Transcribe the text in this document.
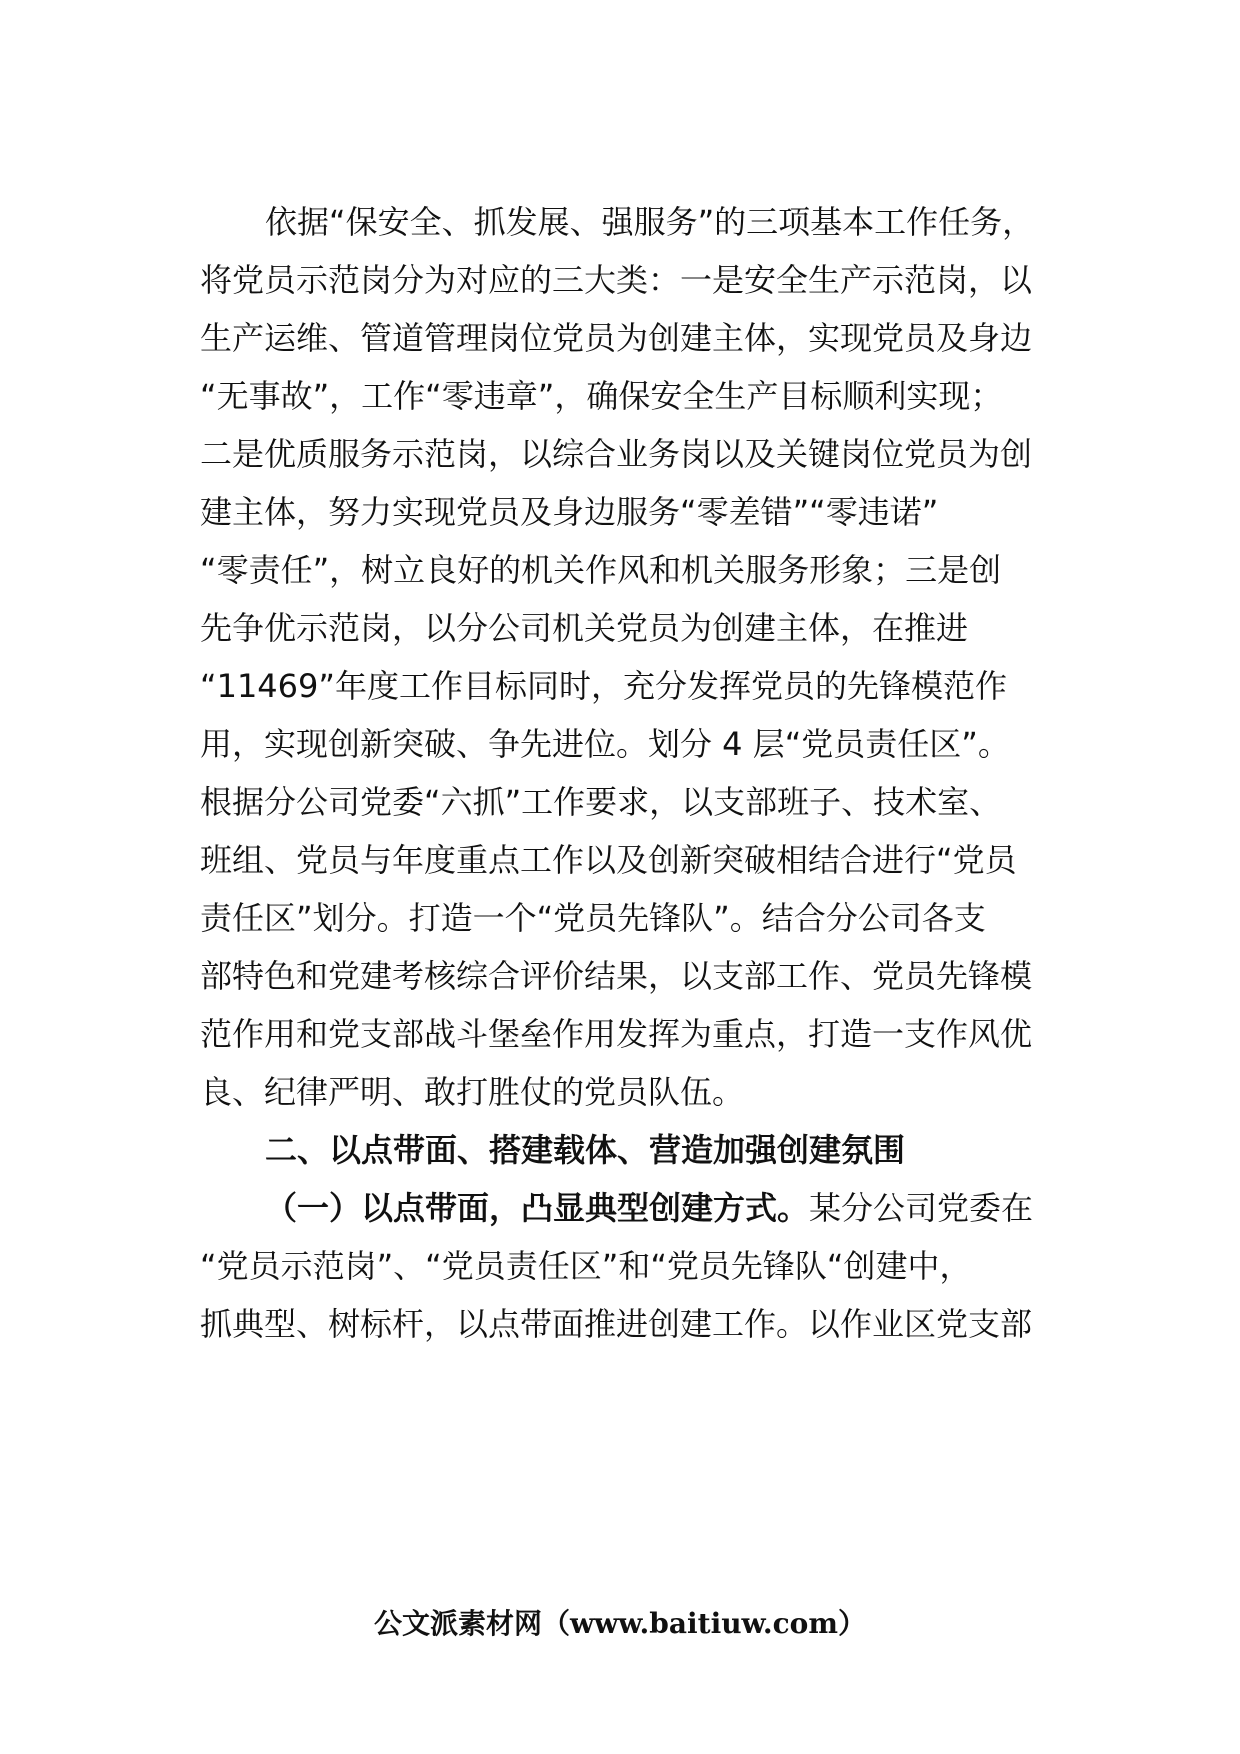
依据“保安全、抓发展、强服务”的三项基本工作任务，
将党员示范岗分为对应的三大类：一是安全生产示范岗，以
生产运维、管道管理岗位党员为创建主体，实现党员及身边
“无事故”，工作“零违章”，确保安全生产目标顺利实现；
二是优质服务示范岗，以综合业务岗以及关键岗位党员为创
建主体，努力实现党员及身边服务“零差错”“零违诺”
“零责任”，树立良好的机关作风和机关服务形象；三是创
先争优示范岗，以分公司机关党员为创建主体，在推进
“11469”年度工作目标同时，充分发挥党员的先锋模范作
用，实现创新突破、争先进位。划分 4 层“党员责任区”。
根据分公司党委“六抓”工作要求，以支部班子、技术室、
班组、党员与年度重点工作以及创新突破相结合进行“党员
责任区”划分。打造一个“党员先锋队”。结合分公司各支
部特色和党建考核综合评价结果，以支部工作、党员先锋模
范作用和党支部战斗堡垒作用发挥为重点，打造一支作风优
良、纪律严明、敢打胜仗的党员队伍。
二、以点带面、搭建载体、营造加强创建氛围
（一）以点带面，凸显典型创建方式。某分公司党委在
“党员示范岗”、“党员责任区”和“党员先锋队“创建中，
抓典型、树标杆，以点带面推进创建工作。以作业区党支部
公文派素材网（www.baitiuw.com）
